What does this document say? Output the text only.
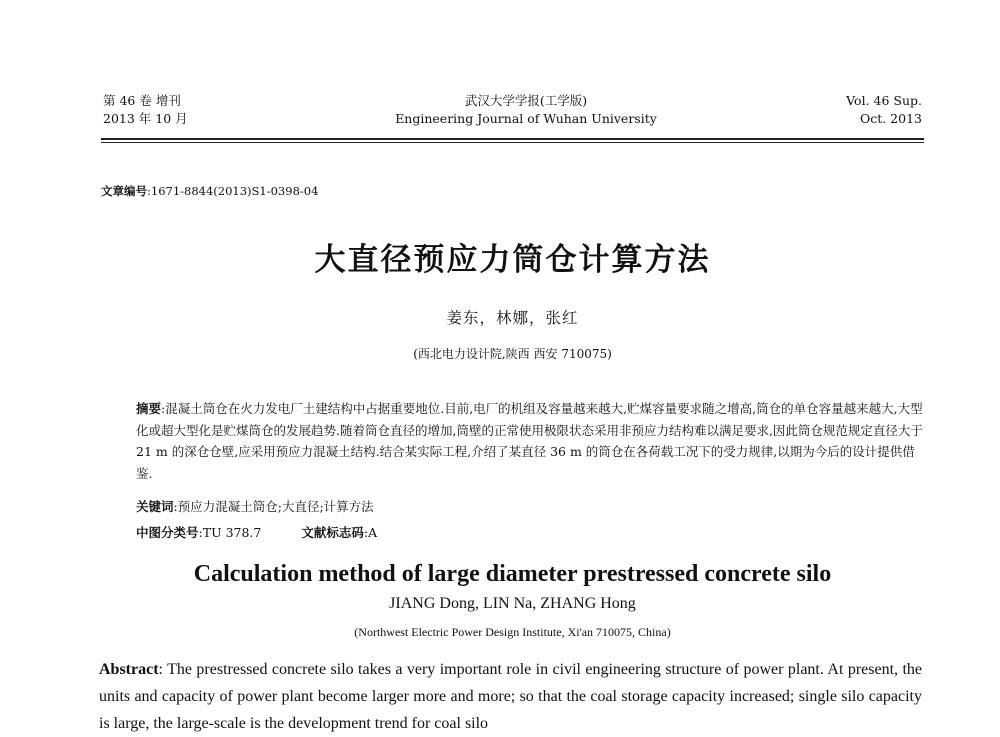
第 46 卷 增刊
2013 年 10 月
武汉大学学报(工学版)
Engineering Journal of Wuhan University
Vol. 46 Sup.
Oct. 2013
文章编号:1671-8844(2013)S1-0398-04
大直径预应力筒仓计算方法
姜东，林娜，张红
(西北电力设计院,陕西 西安 710075)
摘要:混凝土筒仓在火力发电厂土建结构中占据重要地位.目前,电厂的机组及容量越来越大,贮煤容量要求随之增高,筒仓的单仓容量越来越大,大型化或超大型化是贮煤筒仓的发展趋势.随着筒仓直径的增加,筒壁的正常使用极限状态采用非预应力结构难以满足要求,因此筒仓规范规定直径大于 21 m 的深仓仓壁,应采用预应力混凝土结构.结合某实际工程,介绍了某直径 36 m 的筒仓在各荷载工况下的受力规律,以期为今后的设计提供借鉴.
关键词:预应力混凝土筒仓;大直径;计算方法
中图分类号:TU 378.7	文献标志码:A
Calculation method of large diameter prestressed concrete silo
JIANG Dong, LIN Na, ZHANG Hong
(Northwest Electric Power Design Institute, Xi'an 710075, China)
Abstract: The prestressed concrete silo takes a very important role in civil engineering structure of power plant. At present, the units and capacity of power plant become larger more and more; so that the coal storage capacity increased; single silo capacity is large, the large-scale is the development trend for coal silo
